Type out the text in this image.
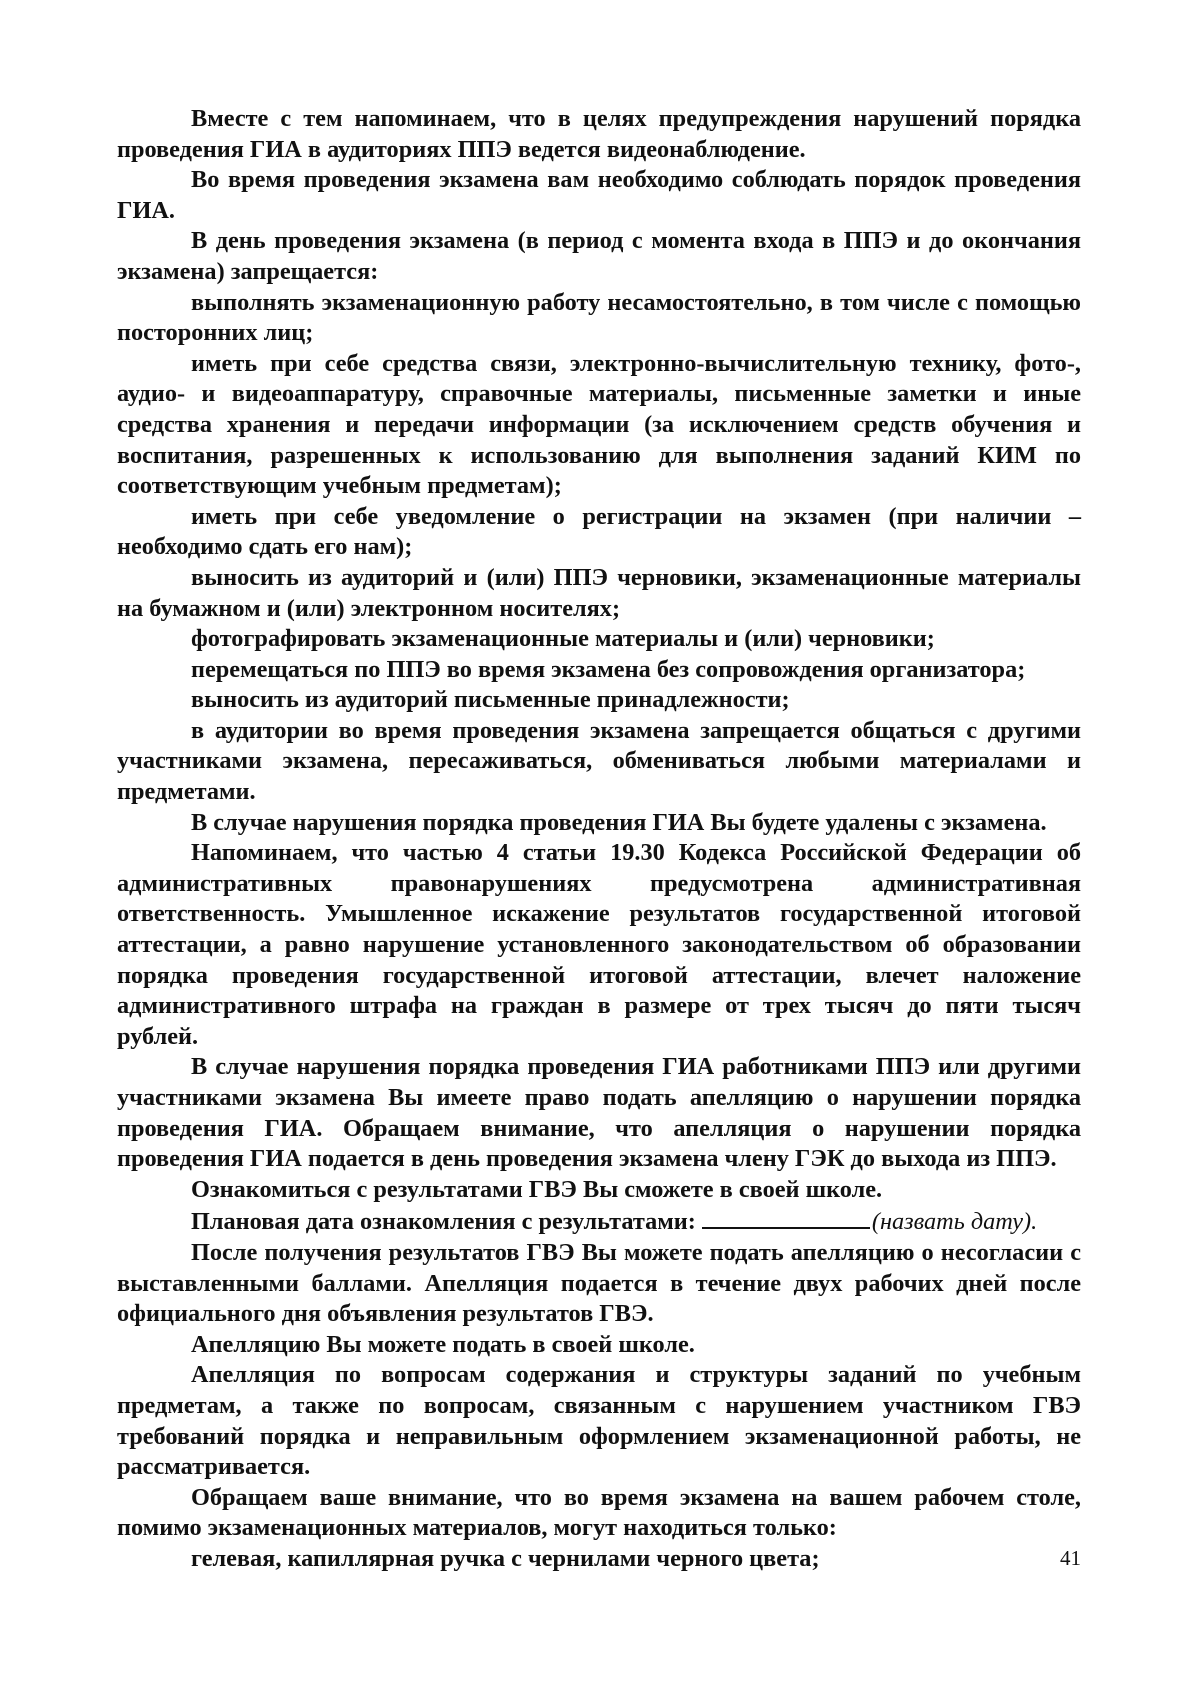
Вместе с тем напоминаем, что в целях предупреждения нарушений порядка проведения ГИА в аудиториях ППЭ ведется видеонаблюдение.

Во время проведения экзамена вам необходимо соблюдать порядок проведения ГИА.

В день проведения экзамена (в период с момента входа в ППЭ и до окончания экзамена) запрещается:

выполнять экзаменационную работу несамостоятельно, в том числе с помощью посторонних лиц;

иметь при себе средства связи, электронно-вычислительную технику, фото-, аудио- и видеоаппаратуру, справочные материалы, письменные заметки и иные средства хранения и передачи информации (за исключением средств обучения и воспитания, разрешенных к использованию для выполнения заданий КИМ по соответствующим учебным предметам);

иметь при себе уведомление о регистрации на экзамен (при наличии – необходимо сдать его нам);

выносить из аудиторий и (или) ППЭ черновики, экзаменационные материалы на бумажном и (или) электронном носителях;

фотографировать экзаменационные материалы и (или) черновики;

перемещаться по ППЭ во время экзамена без сопровождения организатора;

выносить из аудиторий письменные принадлежности;

в аудитории во время проведения экзамена запрещается общаться с другими участниками экзамена, пересаживаться, обмениваться любыми материалами и предметами.

В случае нарушения порядка проведения ГИА Вы будете удалены с экзамена.

Напоминаем, что частью 4 статьи 19.30 Кодекса Российской Федерации об административных правонарушениях предусмотрена административная ответственность. Умышленное искажение результатов государственной итоговой аттестации, а равно нарушение установленного законодательством об образовании порядка проведения государственной итоговой аттестации, влечет наложение административного штрафа на граждан в размере от трех тысяч до пяти тысяч рублей.

В случае нарушения порядка проведения ГИА работниками ППЭ или другими участниками экзамена Вы имеете право подать апелляцию о нарушении порядка проведения ГИА. Обращаем внимание, что апелляция о нарушении порядка проведения ГИА подается в день проведения экзамена члену ГЭК до выхода из ППЭ.

Ознакомиться с результатами ГВЭ Вы сможете в своей школе.

Плановая дата ознакомления с результатами:	(назвать дату).

После получения результатов ГВЭ Вы можете подать апелляцию о несогласии с выставленными баллами. Апелляция подается в течение двух рабочих дней после официального дня объявления результатов ГВЭ.

Апелляцию Вы можете подать в своей школе.

Апелляция по вопросам содержания и структуры заданий по учебным предметам, а также по вопросам, связанным с нарушением участником ГВЭ требований порядка и неправильным оформлением экзаменационной работы, не рассматривается.

Обращаем ваше внимание, что во время экзамена на вашем рабочем столе, помимо экзаменационных материалов, могут находиться только:

гелевая, капиллярная ручка с чернилами черного цвета;	41
